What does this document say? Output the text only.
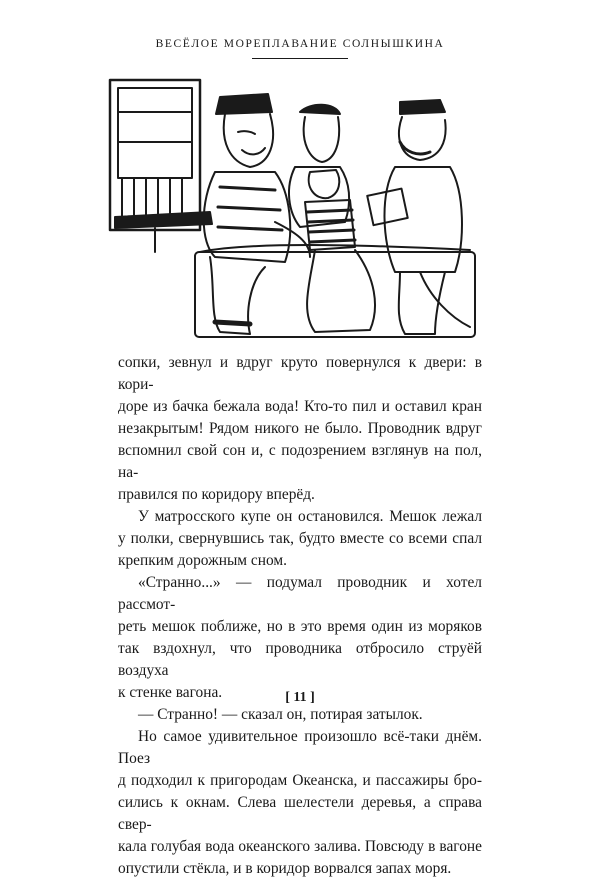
ВЕСЁЛОЕ МОРЕПЛАВАНИЕ СОЛНЫШКИНА

сопки, зевнул и вдруг круто повернулся к двери: в кори-
доре из бачка бежала вода! Кто-то пил и оставил кран
незакрытым! Рядом никого не было. Проводник вдруг
вспомнил свой сон и, с подозрением взглянув на пол, на-
правился по коридору вперёд.

У матросского купе он остановился. Мешок лежал
у полки, свернувшись так, будто вместе со всеми спал
крепким дорожным сном.

«Странно...» — подумал проводник и хотел рассмот-
реть мешок поближе, но в это время один из моряков
так вздохнул, что проводника отбросило струёй воздуха
к стенке вагона.

— Странно! — сказал он, потирая затылок.

Но самое удивительное произошло всё-таки днём. Поез
д подходил к пригородам Океанска, и пассажиры бро-
сились к окнам. Слева шелестели деревья, а справа свер-
кала голубая вода океанского залива. Повсюду в вагоне
опустили стёкла, и в коридор ворвался запах моря.

[ 11 ]
